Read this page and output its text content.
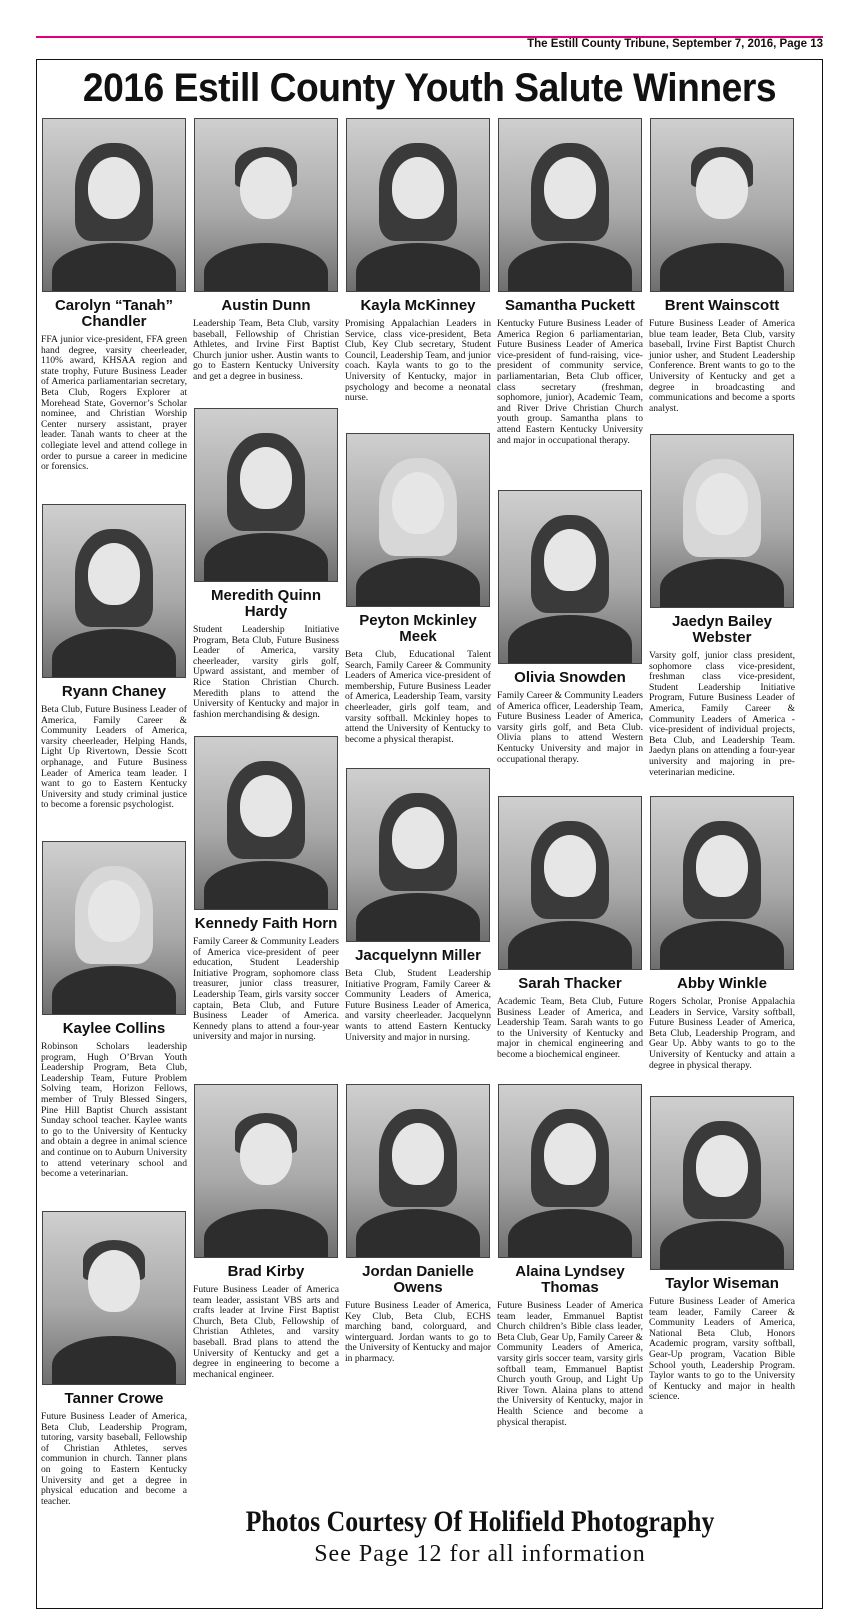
The Estill County Tribune, September 7, 2016, Page 13
2016 Estill County Youth Salute Winners
Carolyn “Tanah” Chandler
FFA junior vice-president, FFA green hand degree, varsity cheerleader, 110% award, KHSAA region and state trophy, Future Business Leader of America parliamentarian secretary, Beta Club, Rogers Explorer at Morehead State, Governor’s Scholar nominee, and Christian Worship Center nursery assistant, prayer leader. Tanah wants to cheer at the collegiate level and attend college in order to pursue a career in medicine or forensics.
Ryann Chaney
Beta Club, Future Business Leader of America, Family Career & Community Leaders of America, varsity cheerleader, Helping Hands, Light Up Rivertown, Dessie Scott orphanage, and Future Business Leader of America team leader. I want to go to Eastern Kentucky University and study criminal justice to become a forensic psychologist.
Kaylee Collins
Robinson Scholars leadership program, Hugh O’Brvan Youth Leadership Program, Beta Club, Leadership Team, Future Problem Solving team, Horizon Fellows, member of Truly Blessed Singers, Pine Hill Baptist Church assistant Sunday school teacher. Kaylee wants to go to the University of Kentucky and obtain a degree in animal science and continue on to Auburn University to attend veterinary school and become a veterinarian.
Tanner Crowe
Future Business Leader of America, Beta Club, Leadership Program, tutoring, varsity baseball, Fellowship of Christian Athletes, serves communion in church. Tanner plans on going to Eastern Kentucky University and get a degree in physical education and become a teacher.
Austin Dunn
Leadership Team, Beta Club, varsity baseball, Fellowship of Christian Athletes, and Irvine First Baptist Church junior usher. Austin wants to go to Eastern Kentucky University and get a degree in business.
Meredith Quinn Hardy
Student Leadership Initiative Program, Beta Club, Future Business Leader of America, varsity cheerleader, varsity girls golf, Upward assistant, and member of Rice Station Christian Church. Meredith plans to attend the University of Kentucky and major in fashion merchandising & design.
Kennedy Faith Horn
Family Career & Community Leaders of America vice-president of peer education, Student Leadership Initiative Program, sophomore class treasurer, junior class treasurer, Leadership Team, girls varsity soccer captain, Beta Club, and Future Business Leader of America. Kennedy plans to attend a four-year university and major in nursing.
Brad Kirby
Future Business Leader of America team leader, assistant VBS arts and crafts leader at Irvine First Baptist Church, Beta Club, Fellowship of Christian Athletes, and varsity baseball. Brad plans to attend the University of Kentucky and get a degree in engineering to become a mechanical engineer.
Kayla McKinney
Promising Appalachian Leaders in Service, class vice-president, Beta Club, Key Club secretary, Student Council, Leadership Team, and junior coach. Kayla wants to go to the University of Kentucky, major in psychology and become a neonatal nurse.
Peyton Mckinley Meek
Beta Club, Educational Talent Search, Family Career & Community Leaders of America vice-president of membership, Future Business Leader of America, Leadership Team, varsity cheerleader, girls golf team, and varsity softball. Mckinley hopes to attend the University of Kentucky to become a physical therapist.
Jacquelynn Miller
Beta Club, Student Leadership Initiative Program, Family Career & Community Leaders of America, Future Business Leader of America, and varsity cheerleader. Jacquelynn wants to attend Eastern Kentucky University and major in nursing.
Jordan Danielle Owens
Future Business Leader of America, Key Club, Beta Club, ECHS marching band, colorguard, and winterguard. Jordan wants to go to the University of Kentucky and major in pharmacy.
Samantha Puckett
Kentucky Future Business Leader of America Region 6 parliamentarian, Future Business Leader of America vice-president of fund-raising, vice-president of community service, parliamentarian, Beta Club officer, class secretary (freshman, sophomore, junior), Academic Team, and River Drive Christian Church youth group. Samantha plans to attend Eastern Kentucky University and major in occupational therapy.
Olivia Snowden
Family Career & Community Leaders of America officer, Leadership Team, Future Business Leader of America, varsity girls golf, and Beta Club. Olivia plans to attend Western Kentucky University and major in occupational therapy.
Sarah Thacker
Academic Team, Beta Club, Future Business Leader of America, and Leadership Team. Sarah wants to go to the University of Kentucky and major in chemical engineering and become a biochemical engineer.
Alaina Lyndsey Thomas
Future Business Leader of America team leader, Emmanuel Baptist Church children’s Bible class leader, Beta Club, Gear Up, Family Career & Community Leaders of America, varsity girls soccer team, varsity girls softball team, Emmanuel Baptist Church youth Group, and Light Up River Town. Alaina plans to attend the University of Kentucky, major in Health Science and become a physical therapist.
Brent Wainscott
Future Business Leader of America blue team leader, Beta Club, varsity baseball, Irvine First Baptist Church junior usher, and Student Leadership Conference. Brent wants to go to the University of Kentucky and get a degree in broadcasting and communications and become a sports analyst.
Jaedyn Bailey Webster
Varsity golf, junior class president, sophomore class vice-president, freshman class vice-president, Student Leadership Initiative Program, Future Business Leader of America, Family Career & Community Leaders of America - vice-president of individual projects, Beta Club, and Leadership Team. Jaedyn plans on attending a four-year university and majoring in pre-veterinarian medicine.
Abby Winkle
Rogers Scholar, Pronise Appalachia Leaders in Service, Varsity softball, Future Business Leader of America, Beta Club, Leadership Program, and Gear Up. Abby wants to go to the University of Kentucky and attain a degree in physical therapy.
Taylor Wiseman
Future Business Leader of America team leader, Family Career & Community Leaders of America, National Beta Club, Honors Academic program, varsity softball, Gear-Up program, Vacation Bible School youth, Leadership Program. Taylor wants to go to the University of Kentucky and major in health science.
Photos Courtesy Of Holifield Photography
See Page 12 for all information
